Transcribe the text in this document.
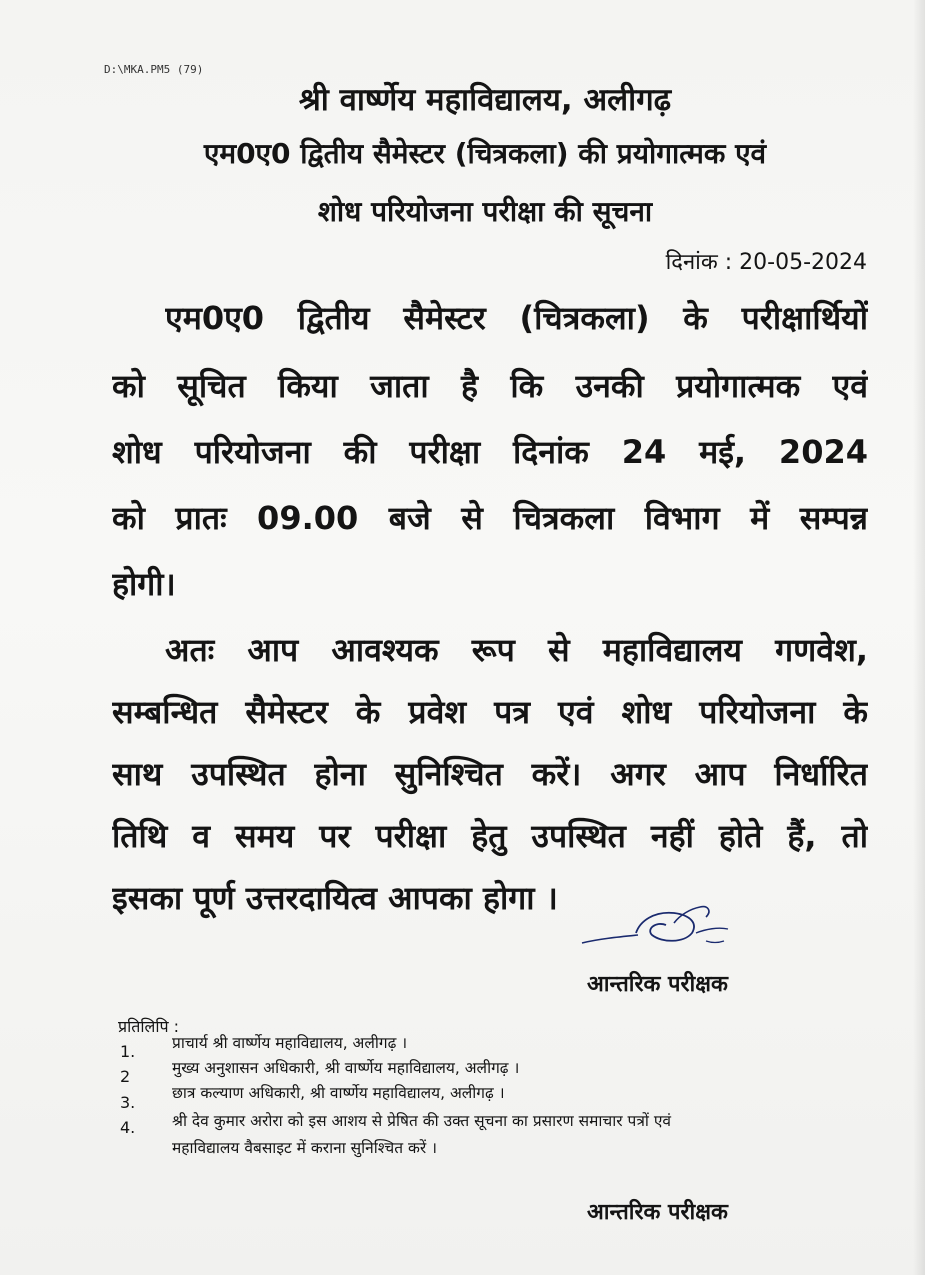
D:\MKA.PM5 (79)
श्री वार्ष्णेय महाविद्यालय, अलीगढ़
एम0ए0 द्वितीय सैमेस्टर (चित्रकला) की प्रयोगात्मक एवं
शोध परियोजना परीक्षा की सूचना
दिनांक : 20-05-2024
एम0ए0 द्वितीय सैमेस्टर (चित्रकला) के परीक्षार्थियों
को सूचित किया जाता है कि उनकी प्रयोगात्मक एवं
शोध परियोजना की परीक्षा दिनांक 24 मई, 2024
को प्रातः 09.00 बजे से चित्रकला विभाग में सम्पन्न
होगी।
अतः आप आवश्यक रूप से महाविद्यालय गणवेश,
सम्बन्धित सैमेस्टर के प्रवेश पत्र एवं शोध परियोजना के
साथ उपस्थित होना सुनिश्चित करें। अगर आप निर्धारित
तिथि व समय पर परीक्षा हेतु उपस्थित नहीं होते हैं, तो
इसका पूर्ण उत्तरदायित्व आपका होगा ।
आन्तरिक परीक्षक
प्रतिलिपि :
1. प्राचार्य श्री वार्ष्णेय महाविद्यालय, अलीगढ़ ।
2	मुख्य अनुशासन अधिकारी, श्री वार्ष्णेय महाविद्यालय, अलीगढ़ ।
3. छात्र कल्याण अधिकारी, श्री वार्ष्णेय महाविद्यालय, अलीगढ़ ।
4. श्री देव कुमार अरोरा को इस आशय से प्रेषित की उक्त सूचना का प्रसारण समाचार पत्रों एवं
महाविद्यालय वैबसाइट में कराना सुनिश्चित करें ।
आन्तरिक परीक्षक
